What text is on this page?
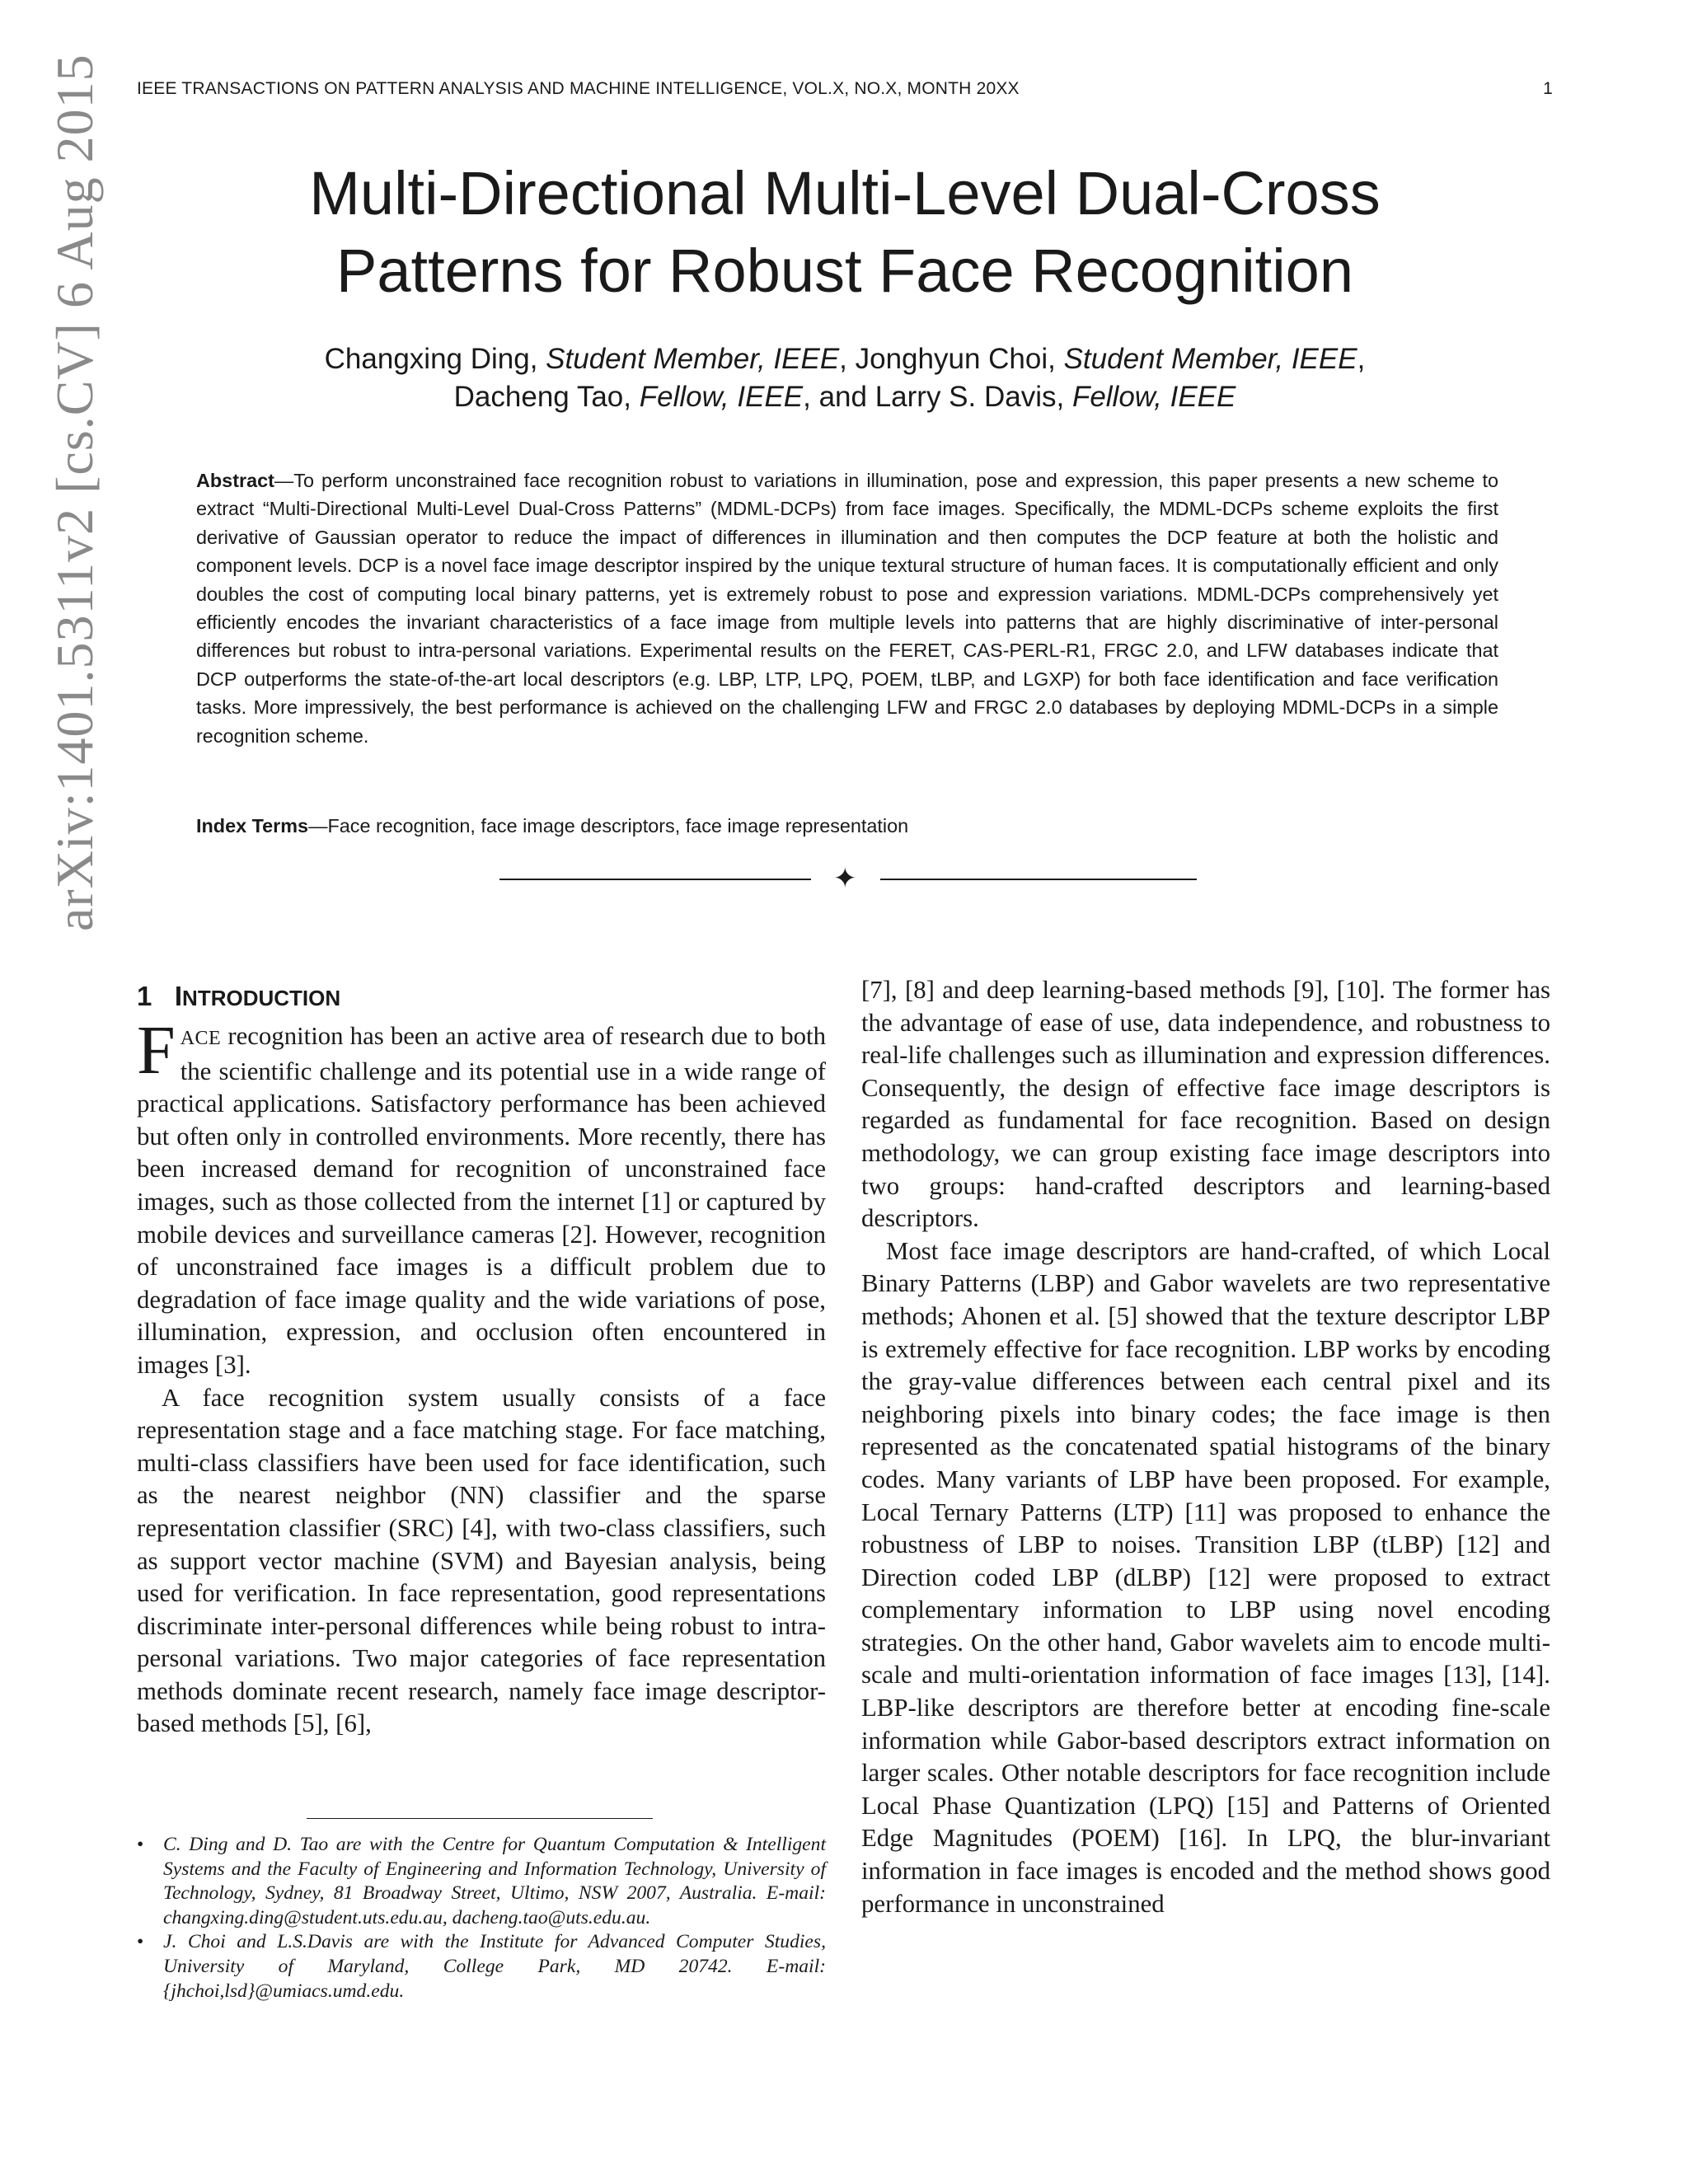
IEEE TRANSACTIONS ON PATTERN ANALYSIS AND MACHINE INTELLIGENCE, VOL.X, NO.X, MONTH 20XX	1
arXiv:1401.5311v2 [cs.CV] 6 Aug 2015	Multi-Directional Multi-Level Dual-Cross
Patterns for Robust Face Recognition
Changxing Ding, Student Member, IEEE, Jonghyun Choi, Student Member, IEEE,
Dacheng Tao, Fellow, IEEE, and Larry S. Davis, Fellow, IEEE
Abstract—To perform unconstrained face recognition robust to variations in illumination, pose and expression, this paper presents a new scheme to extract “Multi-Directional Multi-Level Dual-Cross Patterns” (MDML-DCPs) from face images. Specifically, the MDML-DCPs scheme exploits the first derivative of Gaussian operator to reduce the impact of differences in illumination and then computes the DCP feature at both the holistic and component levels. DCP is a novel face image descriptor inspired by the unique textural structure of human faces. It is computationally efficient and only doubles the cost of computing local binary patterns, yet is extremely robust to pose and expression variations. MDML-DCPs comprehensively yet efficiently encodes the invariant characteristics of a face image from multiple levels into patterns that are highly discriminative of inter-personal differences but robust to intra-personal variations. Experimental results on the FERET, CAS-PERL-R1, FRGC 2.0, and LFW databases indicate that DCP outperforms the state-of-the-art local descriptors (e.g. LBP, LTP, LPQ, POEM, tLBP, and LGXP) for both face identification and face verification tasks. More impressively, the best performance is achieved on the challenging LFW and FRGC 2.0 databases by deploying MDML-DCPs in a simple recognition scheme.
Index Terms—Face recognition, face image descriptors, face image representation
✦
1 INTRODUCTION

FACE recognition has been an active area of research due to both the scientific challenge and its potential use in a wide range of practical applications. Satisfactory performance has been achieved but often only in controlled environments. More recently, there has been increased demand for recognition of unconstrained face images, such as those collected from the internet [1] or captured by mobile devices and surveillance cameras [2]. However, recognition of unconstrained face images is a difficult problem due to degradation of face image quality and the wide variations of pose, illumination, expression, and occlusion often encountered in images [3].

A face recognition system usually consists of a face representation stage and a face matching stage. For face matching, multi-class classifiers have been used for face identification, such as the nearest neighbor (NN) classifier and the sparse representation classifier (SRC) [4], with two-class classifiers, such as support vector machine (SVM) and Bayesian analysis, being used for verification. In face representation, good representations discriminate inter-personal differences while being robust to intra-personal variations. Two major categories of face representation methods dominate recent research, namely face image descriptor-based methods [5], [6],

• C. Ding and D. Tao are with the Centre for Quantum Computation & Intelligent Systems and the Faculty of Engineering and Information Technology, University of Technology, Sydney, 81 Broadway Street, Ultimo, NSW 2007, Australia. E-mail: changxing.ding@student.uts.edu.au, dacheng.tao@uts.edu.au.
• J. Choi and L.S.Davis are with the Institute for Advanced Computer Studies, University of Maryland, College Park, MD 20742. E-mail: {jhchoi,lsd}@umiacs.umd.edu.

[7], [8] and deep learning-based methods [9], [10]. The former has the advantage of ease of use, data independence, and robustness to real-life challenges such as illumination and expression differences. Consequently, the design of effective face image descriptors is regarded as fundamental for face recognition. Based on design methodology, we can group existing face image descriptors into two groups: hand-crafted descriptors and learning-based descriptors.

Most face image descriptors are hand-crafted, of which Local Binary Patterns (LBP) and Gabor wavelets are two representative methods; Ahonen et al. [5] showed that the texture descriptor LBP is extremely effective for face recognition. LBP works by encoding the gray-value differences between each central pixel and its neighboring pixels into binary codes; the face image is then represented as the concatenated spatial histograms of the binary codes. Many variants of LBP have been proposed. For example, Local Ternary Patterns (LTP) [11] was proposed to enhance the robustness of LBP to noises. Transition LBP (tLBP) [12] and Direction coded LBP (dLBP) [12] were proposed to extract complementary information to LBP using novel encoding strategies. On the other hand, Gabor wavelets aim to encode multi-scale and multi-orientation information of face images [13], [14]. LBP-like descriptors are therefore better at encoding fine-scale information while Gabor-based descriptors extract information on larger scales. Other notable descriptors for face recognition include Local Phase Quantization (LPQ) [15] and Patterns of Oriented Edge Magnitudes (POEM) [16]. In LPQ, the blur-invariant information in face images is encoded and the method shows good performance in unconstrained
